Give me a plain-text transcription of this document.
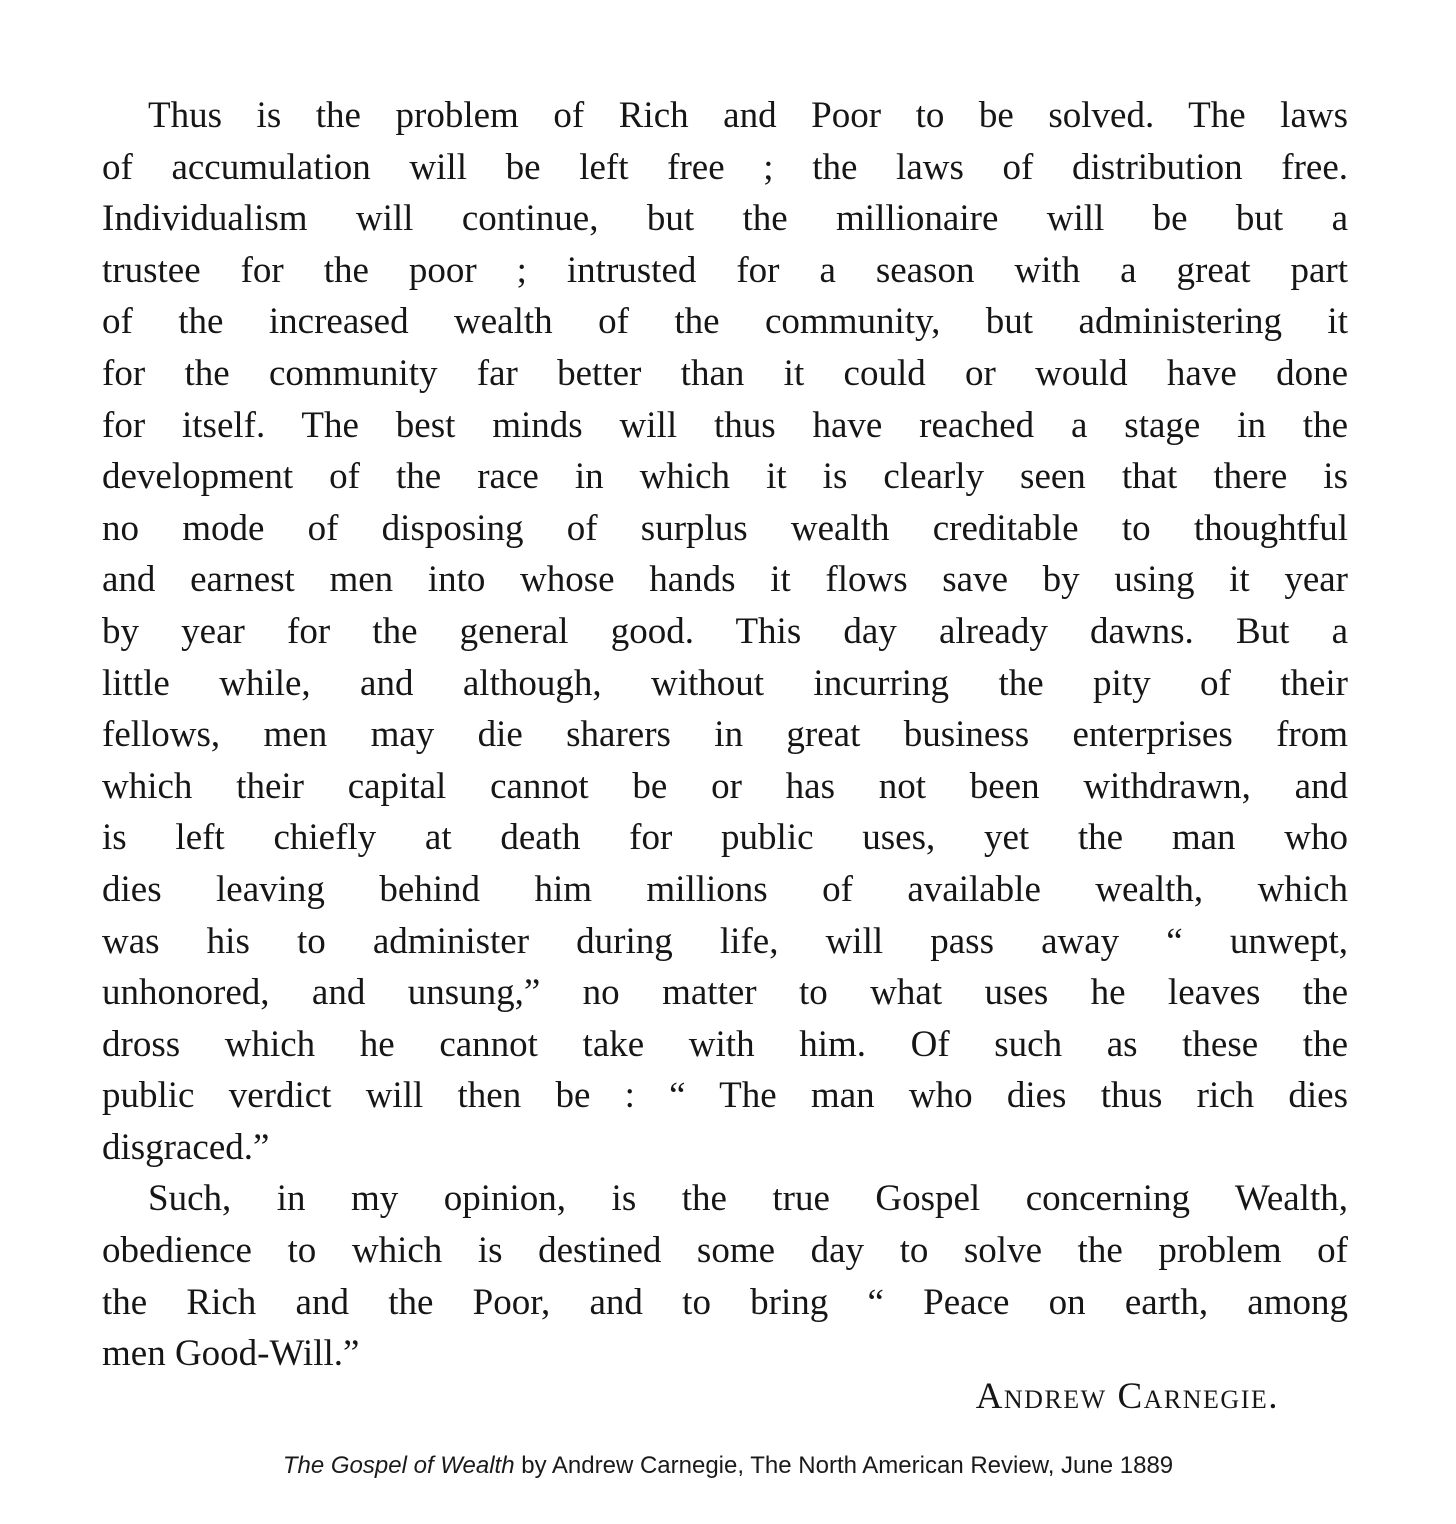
Thus is the problem of Rich and Poor to be solved. The laws
of accumulation will be left free ; the laws of distribution free.
Individualism will continue, but the millionaire will be but a
trustee for the poor ; intrusted for a season with a great part
of the increased wealth of the community, but administering it
for the community far better than it could or would have done
for itself. The best minds will thus have reached a stage in the
development of the race in which it is clearly seen that there is
no mode of disposing of surplus wealth creditable to thoughtful
and earnest men into whose hands it flows save by using it year
by year for the general good. This day already dawns. But a
little while, and although, without incurring the pity of their
fellows, men may die sharers in great business enterprises from
which their capital cannot be or has not been withdrawn, and
is left chiefly at death for public uses, yet the man who
dies leaving behind him millions of available wealth, which
was his to administer during life, will pass away “ unwept,
unhonored, and unsung,” no matter to what uses he leaves the
dross which he cannot take with him. Of such as these the
public verdict will then be : “ The man who dies thus rich dies
disgraced.”
Such, in my opinion, is the true Gospel concerning Wealth,
obedience to which is destined some day to solve the problem of
the Rich and the Poor, and to bring “ Peace on earth, among
men Good-Will.”
Andrew Carnegie.
The Gospel of Wealth by Andrew Carnegie, The North American Review, June 1889
